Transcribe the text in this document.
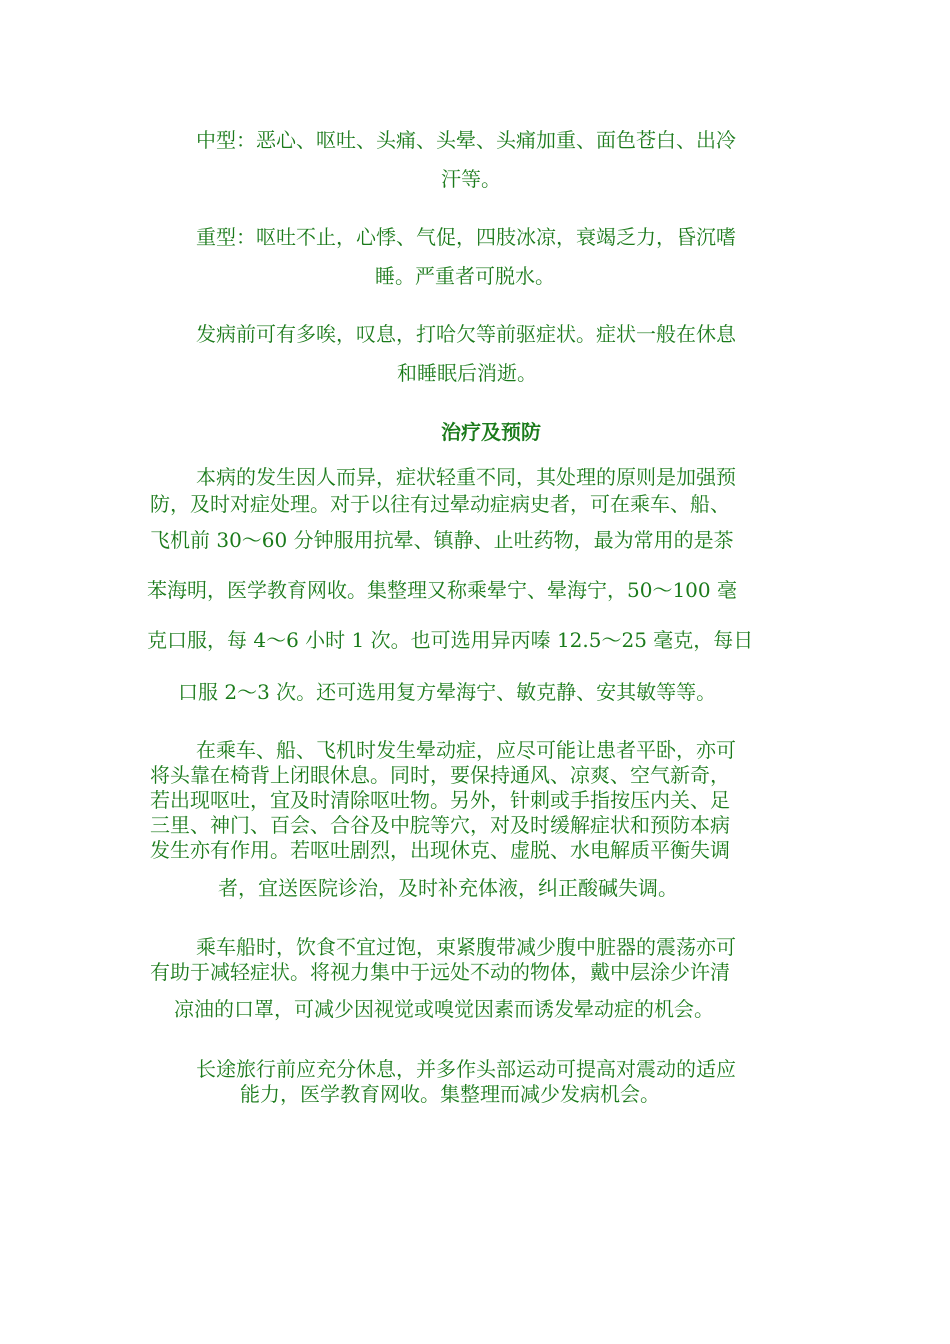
中型：恶心、呕吐、头痛、头晕、头痛加重、面色苍白、出冷
汗等。
重型：呕吐不止，心悸、气促，四肢冰凉，衰竭乏力，昏沉嗜
睡。严重者可脱水。
发病前可有多唉，叹息，打哈欠等前驱症状。症状一般在休息
和睡眠后消逝。
治疗及预防
本病的发生因人而异，症状轻重不同，其处理的原则是加强预
防，及时对症处理。对于以往有过晕动症病史者，可在乘车、船、
飞机前 30～60 分钟服用抗晕、镇静、止吐药物，最为常用的是茶
苯海明，医学教育网收。集整理又称乘晕宁、晕海宁，50～100 毫
克口服，每 4～6 小时 1 次。也可选用异丙嗪 12.5～25 毫克，每日
口服 2～3 次。还可选用复方晕海宁、敏克静、安其敏等等。
在乘车、船、飞机时发生晕动症，应尽可能让患者平卧，亦可
将头靠在椅背上闭眼休息。同时，要保持通风、凉爽、空气新奇，
若出现呕吐，宜及时清除呕吐物。另外，针刺或手指按压内关、足
三里、神门、百会、合谷及中脘等穴，对及时缓解症状和预防本病
发生亦有作用。若呕吐剧烈，出现休克、虚脱、水电解质平衡失调
者，宜送医院诊治，及时补充体液，纠正酸碱失调。
乘车船时，饮食不宜过饱，束紧腹带减少腹中脏器的震荡亦可
有助于减轻症状。将视力集中于远处不动的物体，戴中层涂少许清
凉油的口罩，可减少因视觉或嗅觉因素而诱发晕动症的机会。
长途旅行前应充分休息，并多作头部运动可提高对震动的适应
能力，医学教育网收。集整理而减少发病机会。
